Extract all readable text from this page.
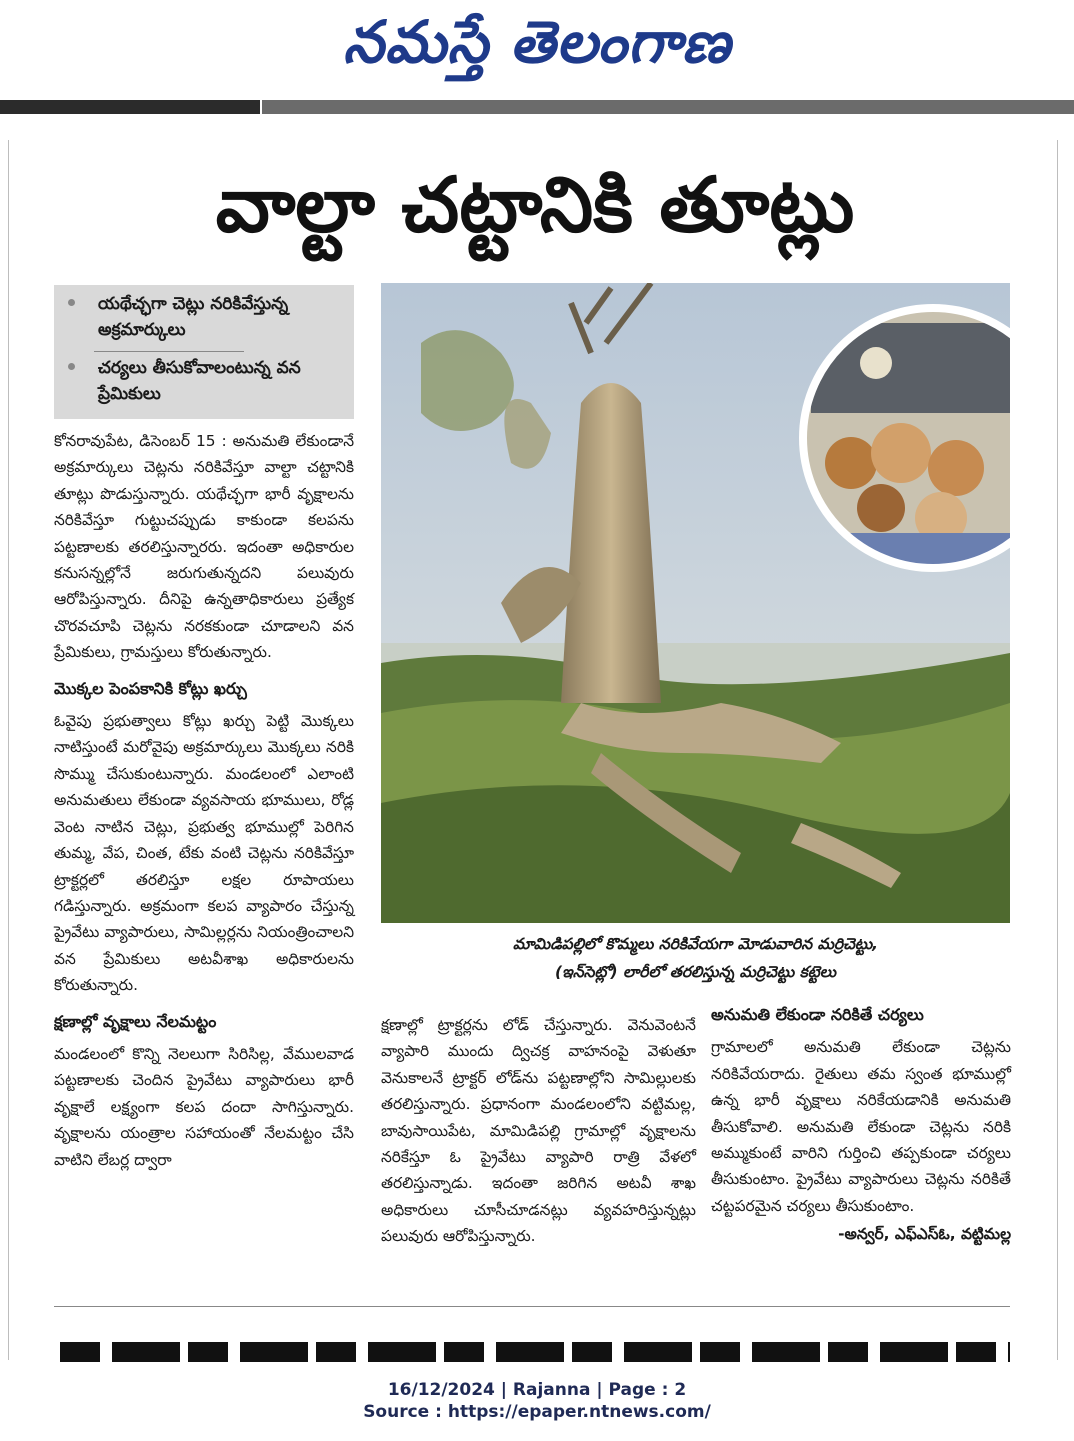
నమస్తే తెలంగాణ
వాల్టా చట్టానికి తూట్లు
యథేచ్ఛగా చెట్లు నరికివేస్తున్న అక్రమార్కులు
చర్యలు తీసుకోవాలంటున్న వన ప్రేమికులు

కోనరావుపేట, డిసెంబర్ 15 : అనుమతి లేకుండానే అక్రమార్కులు చెట్లను నరికివేస్తూ వాల్టా చట్టానికి తూట్లు పొడుస్తున్నారు. యథేచ్ఛగా భారీ వృక్షాలను నరికివేస్తూ గుట్టుచప్పుడు కాకుండా కలపను పట్టణాలకు తరలిస్తున్నారరు. ఇదంతా అధికారుల కనుసన్నల్లోనే జరుగుతున్నదని పలువురు ఆరోపిస్తున్నారు. దీనిపై ఉన్నతాధికారులు ప్రత్యేక చొరవచూపి చెట్లను నరకకుండా చూడాలని వన ప్రేమికులు, గ్రామస్తులు కోరుతున్నారు.

మొక్కల పెంపకానికి కోట్లు ఖర్చు

ఓవైపు ప్రభుత్వాలు కోట్లు ఖర్చు పెట్టి మొక్కలు నాటిస్తుంటే మరోవైపు అక్రమార్కులు మొక్కలు నరికి సొమ్ము చేసుకుంటున్నారు. మండలంలో ఎలాంటి అనుమతులు లేకుండా వ్యవసాయ భూములు, రోడ్ల వెంట నాటిన చెట్లు, ప్రభుత్వ భూముల్లో పెరిగిన తుమ్మ, వేప, చింత, టేకు వంటి చెట్లను నరికివేస్తూ ట్రాక్టర్లలో తరలిస్తూ లక్షల రూపాయలు గడిస్తున్నారు. అక్రమంగా కలప వ్యాపారం చేస్తున్న ప్రైవేటు వ్యాపారులు, సామిల్లర్లను నియంత్రించాలని వన ప్రేమికులు అటవీశాఖ అధికారులను కోరుతున్నారు.

క్షణాల్లో వృక్షాలు నేలమట్టం

మండలంలో కొన్ని నెలలుగా సిరిసిల్ల, వేములవాడ పట్టణాలకు చెందిన ప్రైవేటు వ్యాపారులు భారీ వృక్షాలే లక్ష్యంగా కలప దందా సాగిస్తున్నారు. వృక్షాలను యంత్రాల సహాయంతో నేలమట్టం చేసి వాటిని లేబర్ల ద్వారా

మామిడిపల్లిలో కొమ్మలు నరికివేయగా మోడువారిన మర్రిచెట్టు,
(ఇన్‌సెట్లో) లారీలో తరలిస్తున్న మర్రిచెట్టు కట్టెలు

క్షణాల్లో ట్రాక్టర్లను లోడ్ చేస్తున్నారు. వెనువెంటనే వ్యాపారి ముందు ద్విచక్ర వాహనంపై వెళుతూ వెనుకాలనే ట్రాక్టర్ లోడ్‌ను పట్టణాల్లోని సామిల్లులకు తరలిస్తున్నారు. ప్రధానంగా మండలంలోని వట్టిమల్ల, బావుసాయిపేట, మామిడిపల్లి గ్రామాల్లో వృక్షాలను నరికేస్తూ ఓ ప్రైవేటు వ్యాపారి రాత్రి వేళలో తరలిస్తున్నాడు. ఇదంతా జరిగిన అటవీ శాఖ అధికారులు చూసీచూడనట్లు వ్యవహరిస్తున్నట్లు పలువురు ఆరోపిస్తున్నారు.

అనుమతి లేకుండా నరికితే చర్యలు

గ్రామాలలో అనుమతి లేకుండా చెట్లను నరికివేయరాదు. రైతులు తమ స్వంత భూముల్లో ఉన్న భారీ వృక్షాలు నరికేయడానికి అనుమతి తీసుకోవాలి. అనుమతి లేకుండా చెట్లను నరికి అమ్ముకుంటే వారిని గుర్తించి తప్పకుండా చర్యలు తీసుకుంటాం. ప్రైవేటు వ్యాపారులు చెట్లను నరికితే చట్టపరమైన చర్యలు తీసుకుంటాం.

-అన్వర్, ఎఫ్ఎస్ఓ, వట్టిమల్ల
16/12/2024 | Rajanna | Page : 2
Source : https://epaper.ntnews.com/
